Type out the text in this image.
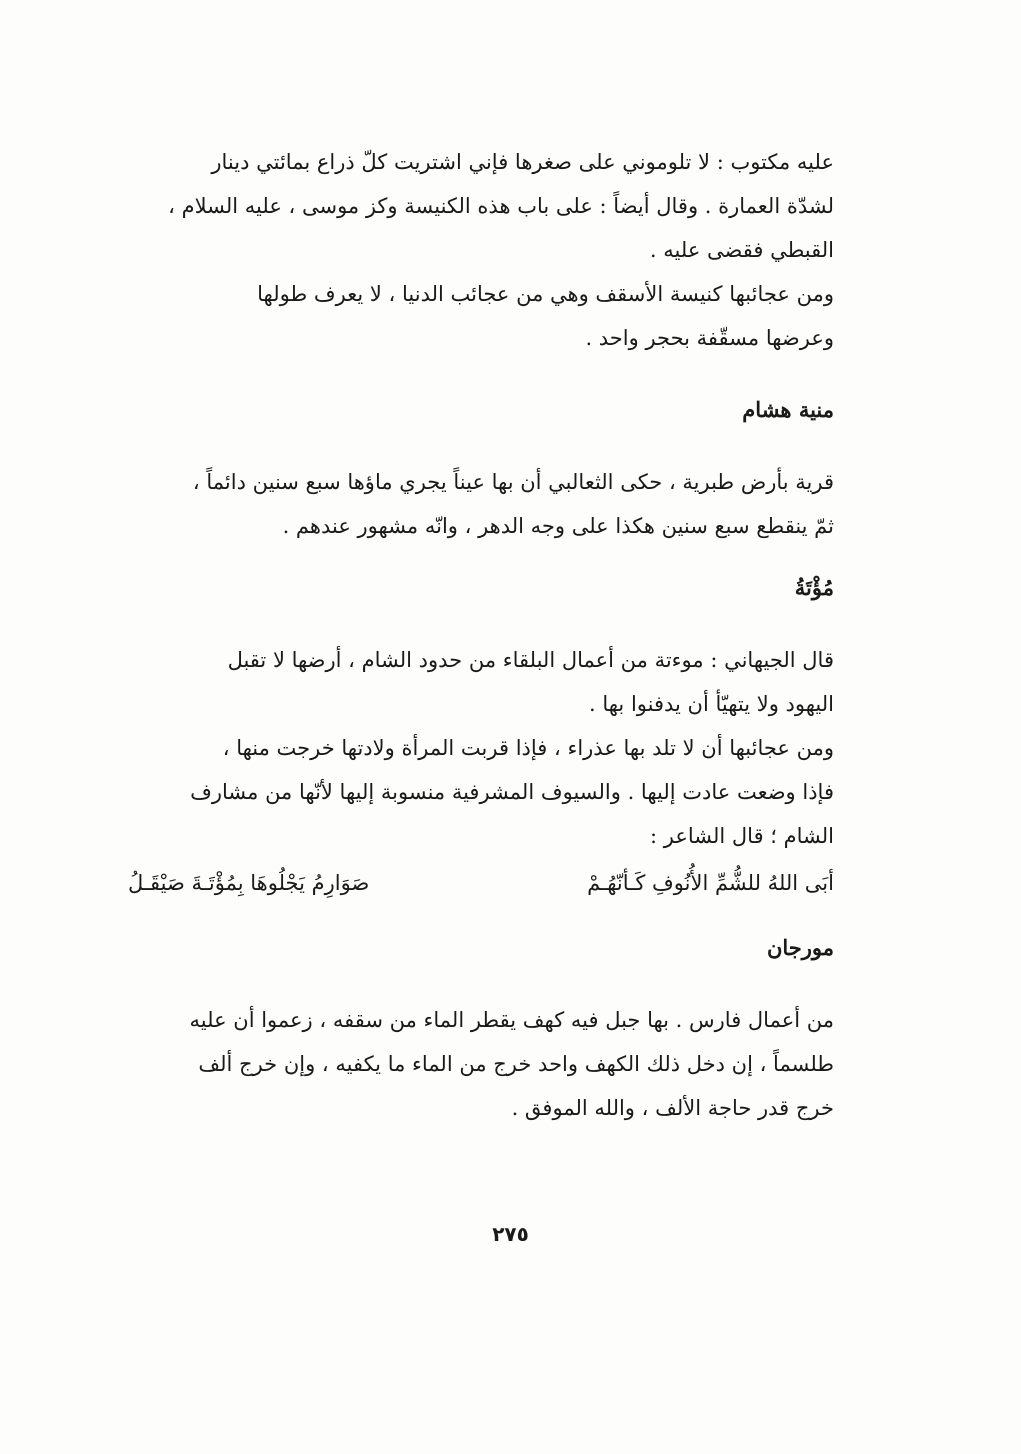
عليه مكتوب : لا تلوموني على صغرها فإني اشتريت كلّ ذراع بمائتي دينار
لشدّة العمارة . وقال أيضاً : على باب هذه الكنيسة وكز موسى ، عليه السلام ،
القبطي فقضى عليه .
ومن عجائبها كنيسة الأسقف وهي من عجائب الدنيا ، لا يعرف طولها
وعرضها مسقّفة بحجر واحد .
منية هشام
قرية بأرض طبرية ، حكى الثعالبي أن بها عيناً يجري ماؤها سبع سنين دائماً ،
ثمّ ينقطع سبع سنين هكذا على وجه الدهر ، وانّه مشهور عندهم .
مُؤْتَةُ
قال الجيهاني : موءتة من أعمال البلقاء من حدود الشام ، أرضها لا تقبل
اليهود ولا يتهيّأ أن يدفنوا بها .
ومن عجائبها أن لا تلد بها عذراء ، فإذا قربت المرأة ولادتها خرجت منها ،
فإذا وضعت عادت إليها . والسيوف المشرفية منسوبة إليها لأنّها من مشارف
الشام ؛ قال الشاعر :
أبَى اللهُ للشُّمِّ الأُنُوفِ كَـأنّهُـمْ
صَوَارِمُ يَجْلُوهَا بِمُؤْتَـةَ صَيْقَـلُ
مورجان
من أعمال فارس . بها جبل فيه كهف يقطر الماء من سقفه ، زعموا أن عليه
طلسماً ، إن دخل ذلك الكهف واحد خرج من الماء ما يكفيه ، وإن خرج ألف
خرج قدر حاجة الألف ، والله الموفق .
٢٧٥
